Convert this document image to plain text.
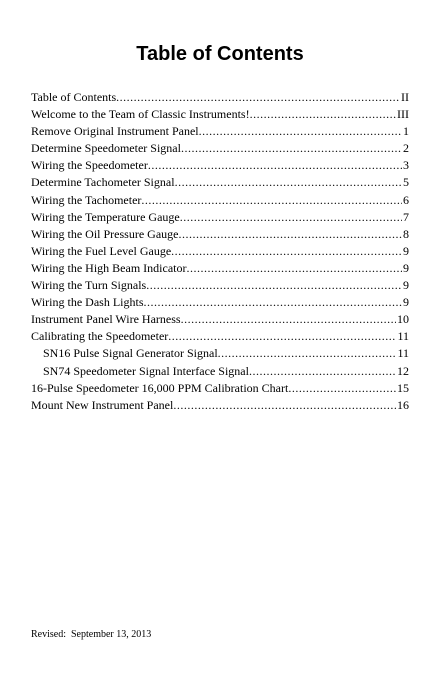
Table of Contents
Table of Contents .....	II
Welcome to the Team of Classic Instruments! .....	III
Remove Original Instrument Panel .....	1
Determine Speedometer Signal .....	2
Wiring the Speedometer .....	3
Determine Tachometer Signal .....	5
Wiring the Tachometer .....	6
Wiring the Temperature Gauge .....	7
Wiring the Oil Pressure Gauge .....	8
Wiring the Fuel Level Gauge .....	9
Wiring the High Beam Indicator .....	9
Wiring the Turn Signals .....	9
Wiring the Dash Lights .....	9
Instrument Panel Wire Harness .....	10
Calibrating the Speedometer .....	11
SN16 Pulse Signal Generator Signal .....	11
SN74 Speedometer Signal Interface Signal .....	12
16-Pulse Speedometer 16,000 PPM Calibration Chart .....	15
Mount New Instrument Panel .....	16
Revised:  September 13, 2013
